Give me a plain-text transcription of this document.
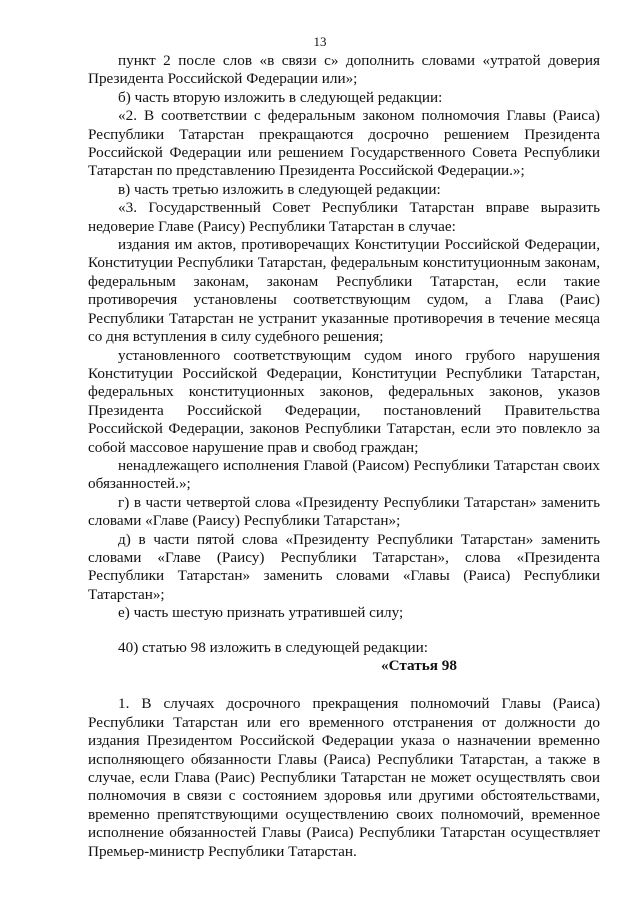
13

пункт 2 после слов «в связи с» дополнить словами «утратой доверия Президента Российской Федерации или»;

б) часть вторую изложить в следующей редакции:

«2. В соответствии с федеральным законом полномочия Главы (Раиса) Республики Татарстан прекращаются досрочно решением Президента Российской Федерации или решением Государственного Совета Республики Татарстан по представлению Президента Российской Федерации.»;

в) часть третью изложить в следующей редакции:

«3. Государственный Совет Республики Татарстан вправе выразить недоверие Главе (Раису) Республики Татарстан в случае:

издания им актов, противоречащих Конституции Российской Федерации, Конституции Республики Татарстан, федеральным конституционным законам, федеральным законам, законам Республики Татарстан, если такие противоречия установлены соответствующим судом, а Глава (Раис) Республики Татарстан не устранит указанные противоречия в течение месяца со дня вступления в силу судебного решения;

установленного соответствующим судом иного грубого нарушения Конституции Российской Федерации, Конституции Республики Татарстан, федеральных конституционных законов, федеральных законов, указов Президента Российской Федерации, постановлений Правительства Российской Федерации, законов Республики Татарстан, если это повлекло за собой массовое нарушение прав и свобод граждан;

ненадлежащего исполнения Главой (Раисом) Республики Татарстан своих обязанностей.»;

г) в части четвертой слова «Президенту Республики Татарстан» заменить словами «Главе (Раису) Республики Татарстан»;

д) в части пятой слова «Президенту Республики Татарстан» заменить словами «Главе (Раису) Республики Татарстан», слова «Президента Республики Татарстан» заменить словами «Главы (Раиса) Республики Татарстан»;

е) часть шестую признать утратившей силу;

40) статью 98 изложить в следующей редакции:

«Статья 98

1. В случаях досрочного прекращения полномочий Главы (Раиса) Республики Татарстан или его временного отстранения от должности до издания Президентом Российской Федерации указа о назначении временно исполняющего обязанности Главы (Раиса) Республики Татарстан, а также в случае, если Глава (Раис) Республики Татарстан не может осуществлять свои полномочия в связи с состоянием здоровья или другими обстоятельствами, временно препятствующими осуществлению своих полномочий, временное исполнение обязанностей Главы (Раиса) Республики Татарстан осуществляет Премьер-министр Республики Татарстан.
